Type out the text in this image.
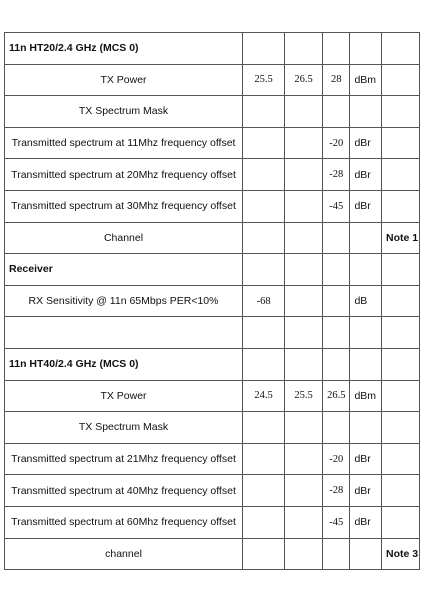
11n HT20/2.4 GHz (MCS 0)					
TX Power	25.5	26.5	28	dBm	
TX Spectrum Mask					
Transmitted spectrum at 11Mhz frequency offset			-20	dBr	
Transmitted spectrum at 20Mhz frequency offset			-28	dBr	
Transmitted spectrum at 30Mhz frequency offset			-45	dBr	
Channel					Note 1
Receiver					
RX Sensitivity @ 11n 65Mbps PER<10%	-68			dB	

11n HT40/2.4 GHz (MCS 0)					
TX Power	24.5	25.5	26.5	dBm	
TX Spectrum Mask					
Transmitted spectrum at 21Mhz frequency offset			-20	dBr	
Transmitted spectrum at 40Mhz frequency offset			-28	dBr	
Transmitted spectrum at 60Mhz frequency offset			-45	dBr	
channel					Note 3
